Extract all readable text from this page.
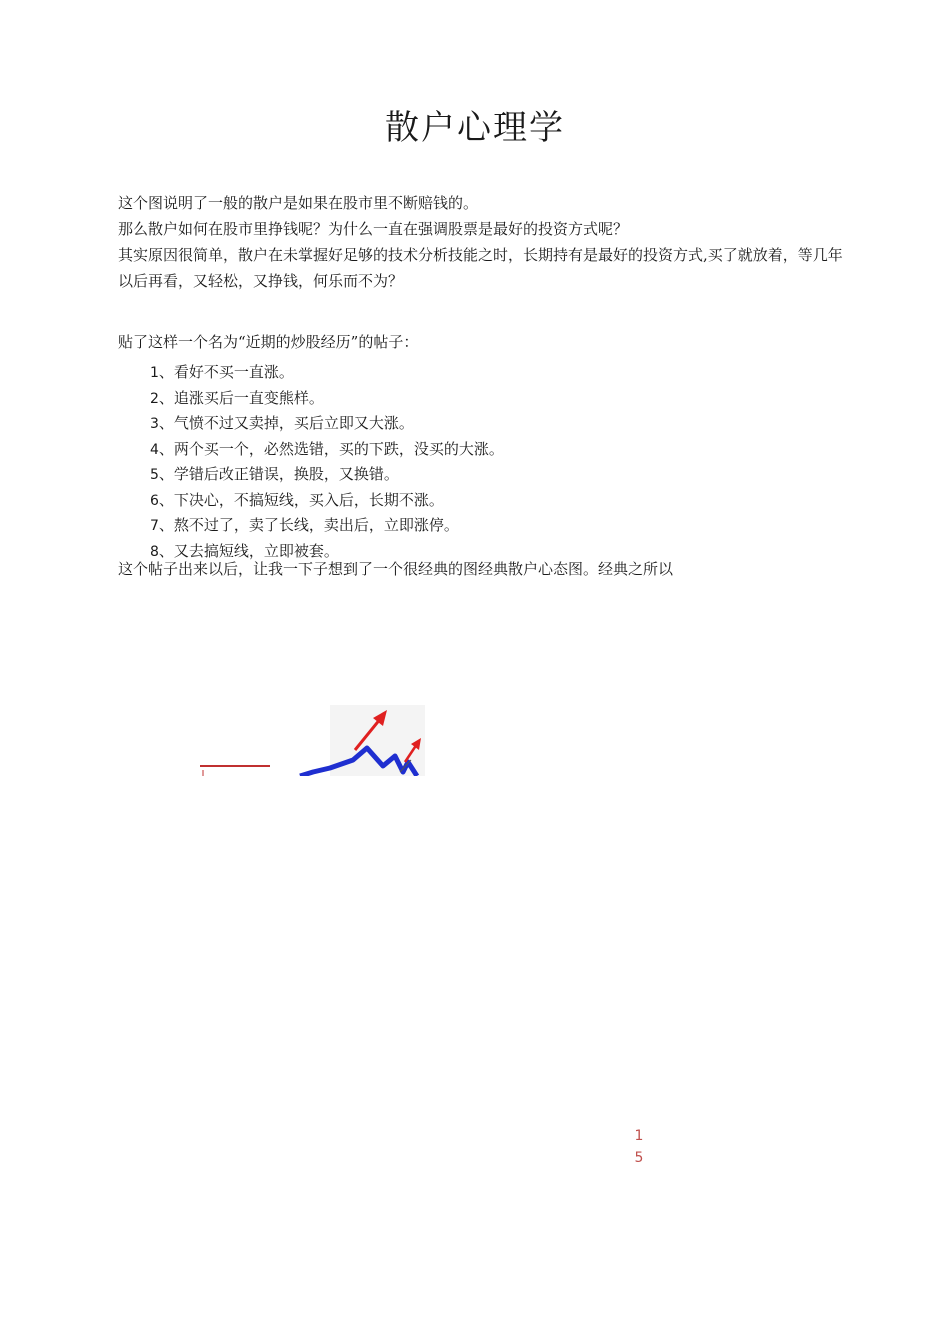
散户心理学

这个图说明了一般的散户是如果在股市里不断赔钱的。

那么散户如何在股市里挣钱呢？为什么一直在强调股票是最好的投资方式呢？

其实原因很简单，散户在未掌握好足够的技术分析技能之时，长期持有是最好的投资方式,买了就放着，等几年以后再看，又轻松，又挣钱，何乐而不为？

贴了这样一个名为“近期的炒股经历”的帖子：

1、看好不买一直涨。
2、追涨买后一直变熊样。
3、气愤不过又卖掉，买后立即又大涨。
4、两个买一个，必然选错，买的下跌，没买的大涨。
5、学错后改正错误，换股，又换错。
6、下决心，不搞短线，买入后，长期不涨。
7、熬不过了，卖了长线，卖出后，立即涨停。
8、又去搞短线，立即被套。

这个帖子出来以后，让我一下子想到了一个很经典的图经典散户心态图。经典之所以

1
5
